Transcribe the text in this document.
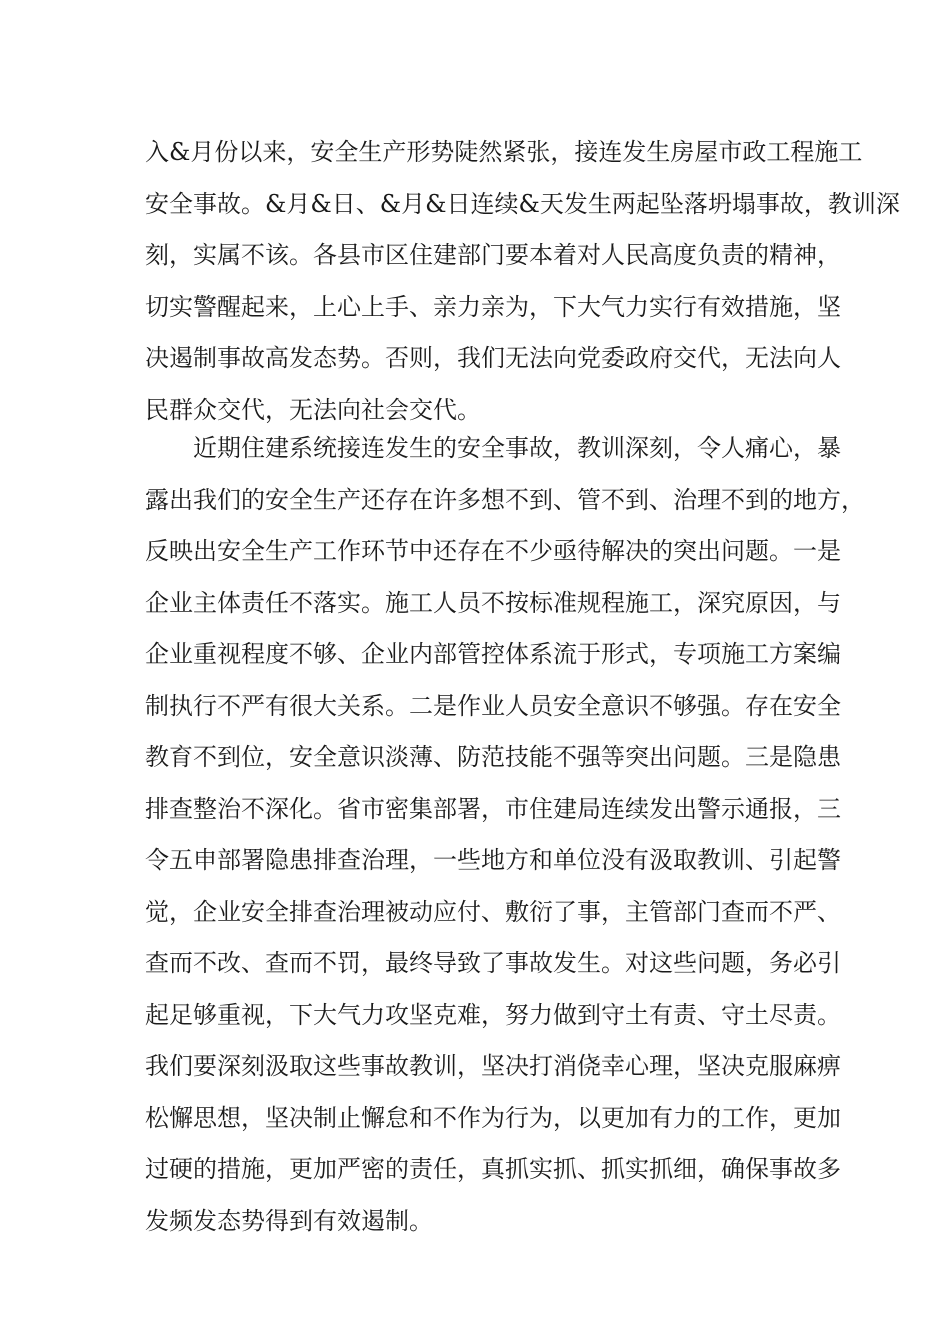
入&月份以来，安全生产形势陡然紧张，接连发生房屋市政工程施工

安全事故。&月&日、&月&日连续&天发生两起坠落坍塌事故，教训深

刻，实属不该。各县市区住建部门要本着对人民高度负责的精神，

切实警醒起来，上心上手、亲力亲为，下大气力实行有效措施，坚

决遏制事故高发态势。否则，我们无法向党委政府交代，无法向人

民群众交代，无法向社会交代。

近期住建系统接连发生的安全事故，教训深刻，令人痛心，暴

露出我们的安全生产还存在许多想不到、管不到、治理不到的地方，

反映出安全生产工作环节中还存在不少亟待解决的突出问题。一是

企业主体责任不落实。施工人员不按标准规程施工，深究原因，与

企业重视程度不够、企业内部管控体系流于形式，专项施工方案编

制执行不严有很大关系。二是作业人员安全意识不够强。存在安全

教育不到位，安全意识淡薄、防范技能不强等突出问题。三是隐患

排查整治不深化。省市密集部署，市住建局连续发出警示通报，三

令五申部署隐患排查治理，一些地方和单位没有汲取教训、引起警

觉，企业安全排查治理被动应付、敷衍了事，主管部门查而不严、

查而不改、查而不罚，最终导致了事故发生。对这些问题，务必引

起足够重视，下大气力攻坚克难，努力做到守土有责、守土尽责。

我们要深刻汲取这些事故教训，坚决打消侥幸心理，坚决克服麻痹

松懈思想，坚决制止懈怠和不作为行为，以更加有力的工作，更加

过硬的措施，更加严密的责任，真抓实抓、抓实抓细，确保事故多

发频发态势得到有效遏制。
